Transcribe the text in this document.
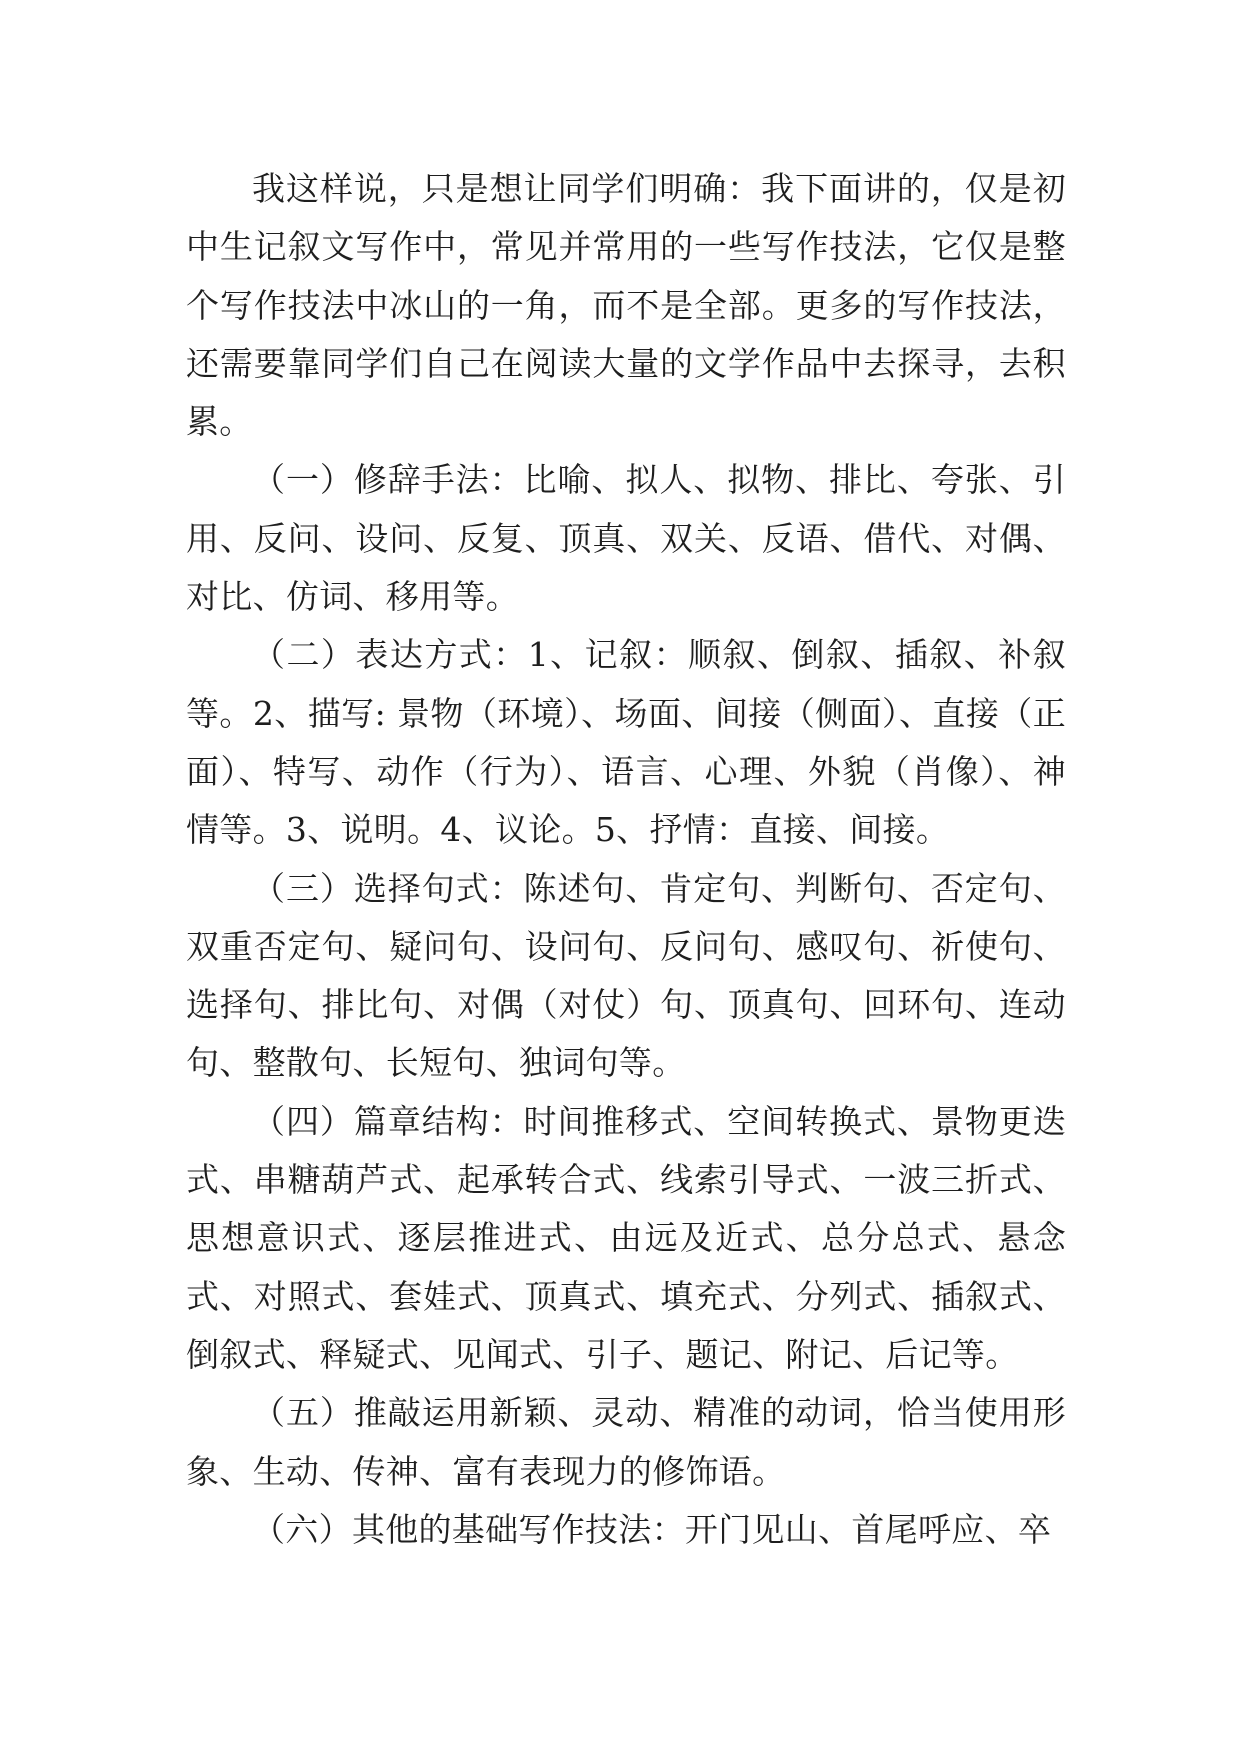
我这样说，只是想让同学们明确：我下面讲的，仅是初中生记叙文写作中，常见并常用的一些写作技法，它仅是整个写作技法中冰山的一角，而不是全部。更多的写作技法，还需要靠同学们自己在阅读大量的文学作品中去探寻，去积累。

（一）修辞手法：比喻、拟人、拟物、排比、夸张、引用、反问、设问、反复、顶真、双关、反语、借代、对偶、对比、仿词、移用等。

（二）表达方式：1、记叙：顺叙、倒叙、插叙、补叙等。2、描写: 景物（环境）、场面、间接（侧面）、直接（正面）、特写、动作（行为）、语言、心理、外貌（肖像）、神情等。3、说明。4、议论。5、抒情：直接、间接。

（三）选择句式：陈述句、肯定句、判断句、否定句、双重否定句、疑问句、设问句、反问句、感叹句、祈使句、选择句、排比句、对偶（对仗）句、顶真句、回环句、连动句、整散句、长短句、独词句等。

（四）篇章结构：时间推移式、空间转换式、景物更迭式、串糖葫芦式、起承转合式、线索引导式、一波三折式、思想意识式、逐层推进式、由远及近式、总分总式、悬念式、对照式、套娃式、顶真式、填充式、分列式、插叙式、倒叙式、释疑式、见闻式、引子、题记、附记、后记等。

（五）推敲运用新颖、灵动、精准的动词，恰当使用形象、生动、传神、富有表现力的修饰语。

（六）其他的基础写作技法：开门见山、首尾呼应、卒
